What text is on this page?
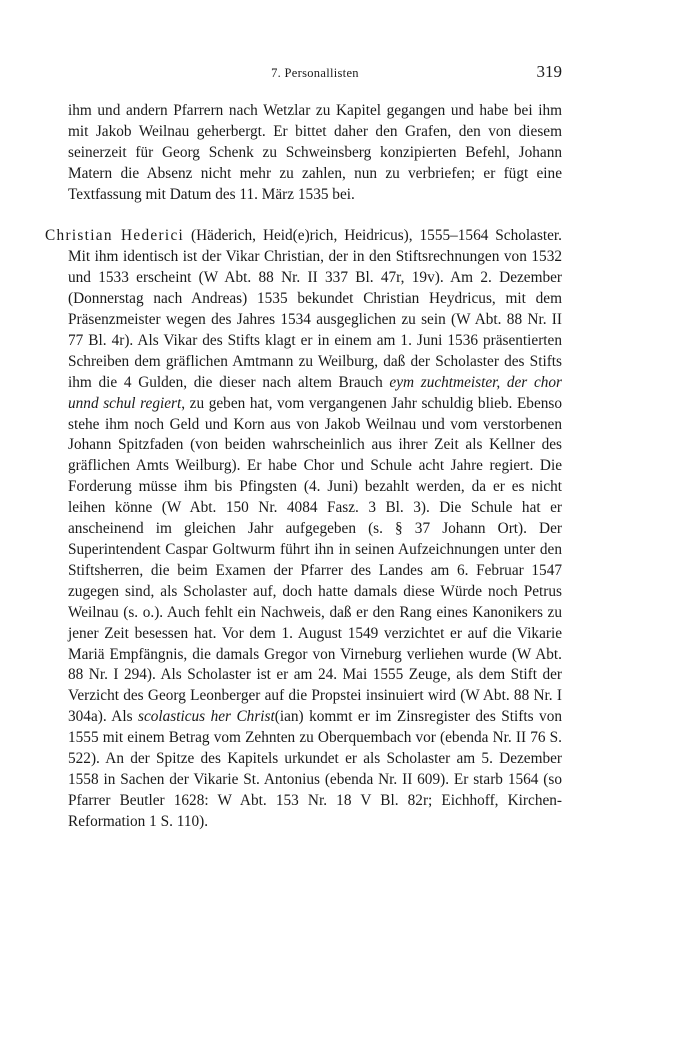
7. Personallisten	319

ihm und andern Pfarrern nach Wetzlar zu Kapitel gegangen und habe bei ihm mit Jakob Weilnau geherbergt. Er bittet daher den Grafen, den von diesem seinerzeit für Georg Schenk zu Schweinsberg konzipierten Befehl, Johann Matern die Absenz nicht mehr zu zahlen, nun zu verbriefen; er fügt eine Textfassung mit Datum des 11. März 1535 bei.

Christian Hederici (Häderich, Heid(e)rich, Heidricus), 1555–1564 Scholaster. Mit ihm identisch ist der Vikar Christian, der in den Stiftsrechnungen von 1532 und 1533 erscheint (W Abt. 88 Nr. II 337 Bl. 47r, 19v). Am 2. Dezember (Donnerstag nach Andreas) 1535 bekundet Christian Heydricus, mit dem Präsenzmeister wegen des Jahres 1534 ausgeglichen zu sein (W Abt. 88 Nr. II 77 Bl. 4r). Als Vikar des Stifts klagt er in einem am 1. Juni 1536 präsentierten Schreiben dem gräflichen Amtmann zu Weilburg, daß der Scholaster des Stifts ihm die 4 Gulden, die dieser nach altem Brauch eym zuchtmeister, der chor unnd schul regiert, zu geben hat, vom vergangenen Jahr schuldig blieb. Ebenso stehe ihm noch Geld und Korn aus von Jakob Weilnau und vom verstorbenen Johann Spitzfaden (von beiden wahrscheinlich aus ihrer Zeit als Kellner des gräflichen Amts Weilburg). Er habe Chor und Schule acht Jahre regiert. Die Forderung müsse ihm bis Pfingsten (4. Juni) bezahlt werden, da er es nicht leihen könne (W Abt. 150 Nr. 4084 Fasz. 3 Bl. 3). Die Schule hat er anscheinend im gleichen Jahr aufgegeben (s. § 37 Johann Ort). Der Superintendent Caspar Goltwurm führt ihn in seinen Aufzeichnungen unter den Stiftsherren, die beim Examen der Pfarrer des Landes am 6. Februar 1547 zugegen sind, als Scholaster auf, doch hatte damals diese Würde noch Petrus Weilnau (s. o.). Auch fehlt ein Nachweis, daß er den Rang eines Kanonikers zu jener Zeit besessen hat. Vor dem 1. August 1549 verzichtet er auf die Vikarie Mariä Empfängnis, die damals Gregor von Virneburg verliehen wurde (W Abt. 88 Nr. I 294). Als Scholaster ist er am 24. Mai 1555 Zeuge, als dem Stift der Verzicht des Georg Leonberger auf die Propstei insinuiert wird (W Abt. 88 Nr. I 304a). Als scolasticus her Christ(ian) kommt er im Zinsregister des Stifts von 1555 mit einem Betrag vom Zehnten zu Oberquembach vor (ebenda Nr. II 76 S. 522). An der Spitze des Kapitels urkundet er als Scholaster am 5. Dezember 1558 in Sachen der Vikarie St. Antonius (ebenda Nr. II 609). Er starb 1564 (so Pfarrer Beutler 1628: W Abt. 153 Nr. 18 V Bl. 82r; Eichhoff, Kirchen-Reformation 1 S. 110).
